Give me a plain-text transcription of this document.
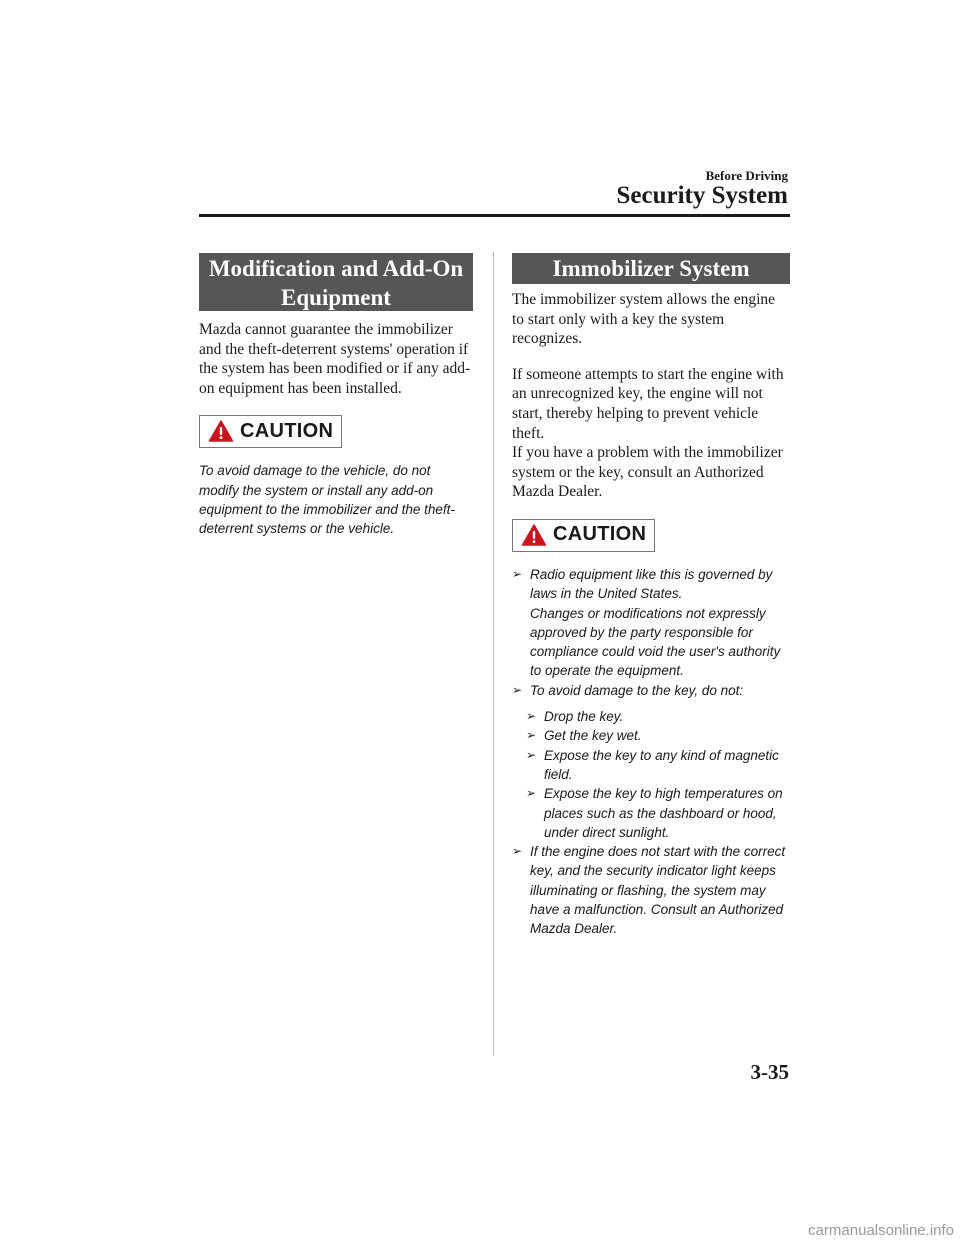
Before Driving
Security System
Modification and Add-On
Equipment

Mazda cannot guarantee the immobilizer and the theft-deterrent systems' operation if the system has been modified or if any add-on equipment has been installed.

CAUTION
To avoid damage to the vehicle, do not modify the system or install any add-on equipment to the immobilizer and the theft-deterrent systems or the vehicle.
Immobilizer System

The immobilizer system allows the engine to start only with a key the system recognizes.

If someone attempts to start the engine with an unrecognized key, the engine will not start, thereby helping to prevent vehicle theft.

If you have a problem with the immobilizer system or the key, consult an Authorized Mazda Dealer.

CAUTION
➢ Radio equipment like this is governed by laws in the United States.
Changes or modifications not expressly approved by the party responsible for compliance could void the user's authority to operate the equipment.
➢ To avoid damage to the key, do not:
➢ Drop the key.
➢ Get the key wet.
➢ Expose the key to any kind of magnetic field.
➢ Expose the key to high temperatures on places such as the dashboard or hood, under direct sunlight.
➢ If the engine does not start with the correct key, and the security indicator light keeps illuminating or flashing, the system may have a malfunction. Consult an Authorized Mazda Dealer.
3-35
carmanualsonline.info
